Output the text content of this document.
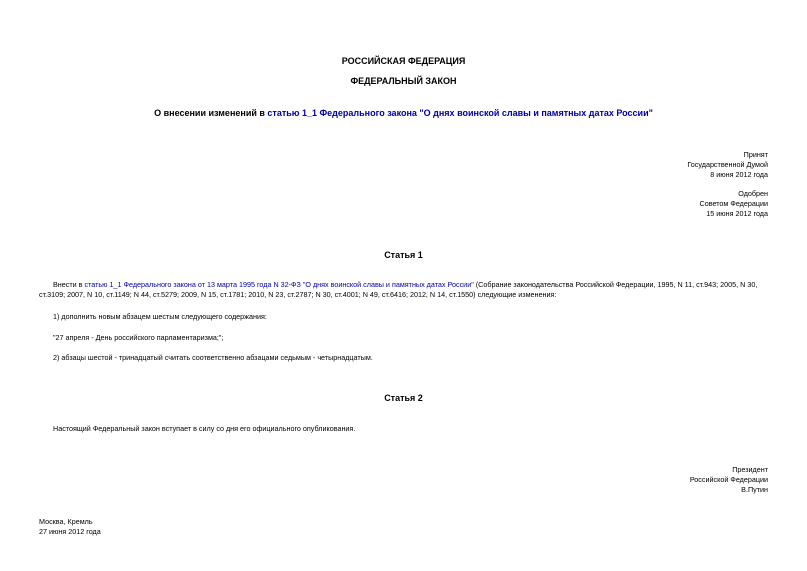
РОССИЙСКАЯ ФЕДЕРАЦИЯ
ФЕДЕРАЛЬНЫЙ ЗАКОН
О внесении изменений в статью 1_1 Федерального закона "О днях воинской славы и памятных датах России"
Принят
Государственной Думой
8 июня 2012 года
Одобрен
Советом Федерации
15 июня 2012 года
Статья 1
Внести в статью 1_1 Федерального закона от 13 марта 1995 года N 32-ФЗ "О днях воинской славы и памятных датах России" (Собрание законодательства Российской Федерации, 1995, N 11, ст.943; 2005, N 30, ст.3109; 2007, N 10, ст.1149; N 44, ст.5279; 2009, N 15, ст.1781; 2010, N 23, ст.2787; N 30, ст.4001; N 49, ст.6416; 2012, N 14, ст.1550) следующие изменения:
1) дополнить новым абзацем шестым следующего содержания:
"27 апреля - День российского парламентаризма;";
2) абзацы шестой - тринадцатый считать соответственно абзацами седьмым - четырнадцатым.
Статья 2
Настоящий Федеральный закон вступает в силу со дня его официального опубликования.
Президент
Российской Федерации
В.Путин
Москва, Кремль
27 июня 2012 года
